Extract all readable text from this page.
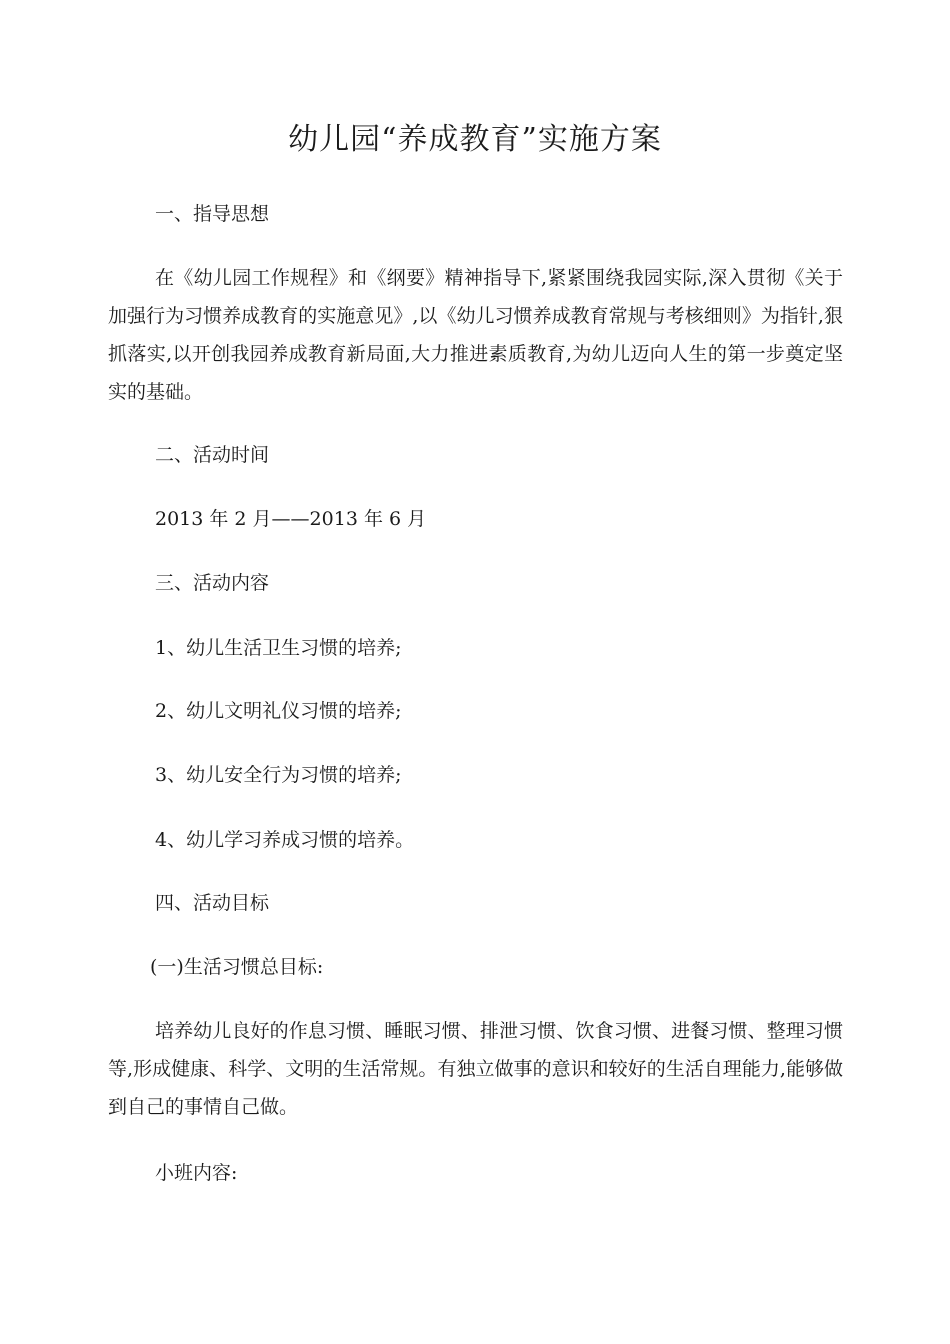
幼儿园“养成教育”实施方案

一、指导思想

在《幼儿园工作规程》和《纲要》精神指导下,紧紧围绕我园实际,深入贯彻《关于加强行为习惯养成教育的实施意见》,以《幼儿习惯养成教育常规与考核细则》为指针,狠抓落实,以开创我园养成教育新局面,大力推进素质教育,为幼儿迈向人生的第一步奠定坚实的基础。

二、活动时间

2013 年 2 月——2013 年 6 月

三、活动内容

1、幼儿生活卫生习惯的培养;

2、幼儿文明礼仪习惯的培养;

3、幼儿安全行为习惯的培养;

4、幼儿学习养成习惯的培养。

四、活动目标

(一)生活习惯总目标:

培养幼儿良好的作息习惯、睡眠习惯、排泄习惯、饮食习惯、进餐习惯、整理习惯等,形成健康、科学、文明的生活常规。有独立做事的意识和较好的生活自理能力,能够做到自己的事情自己做。

小班内容:
